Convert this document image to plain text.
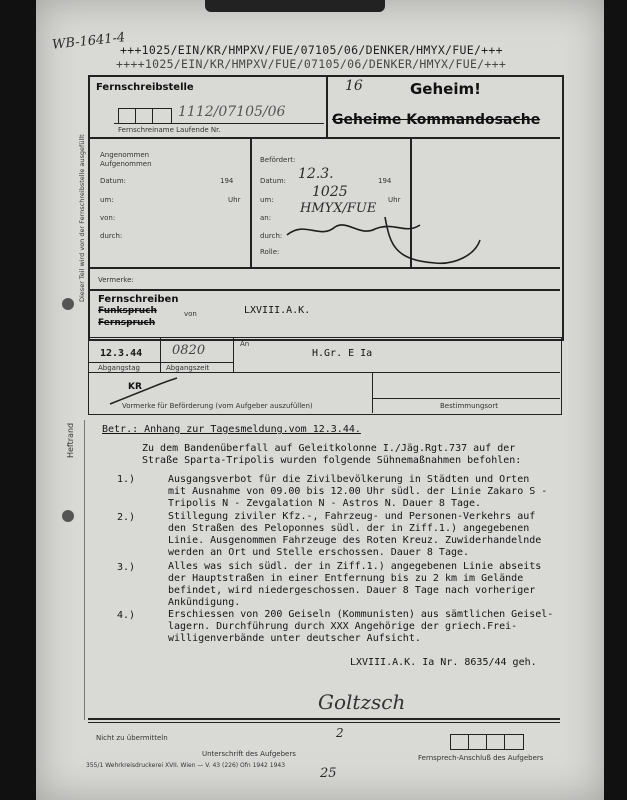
WB-1641-4
+++1025/EIN/KR/HMPXV/FUE/07105/06/DENKER/HMYX/FUE/+++
++++1025/EIN/KR/HMPXV/FUE/07105/06/DENKER/HMYX/FUE/+++
Dieser Teil wird von der Fernschreibstelle ausgefüllt
Fernschreibstelle
1112/07105/06
Fernschreiname Laufende Nr.
16	Geheim!
Geheime Kommandosache
Angenommen
Aufgenommen
Datum:	194
um:	Uhr
von:
durch:
Befördert:
Datum: 12.3.	194
um:	1025	Uhr
an:
HMYX/FUE
durch:
Rolle:
Vermerke:
Fernschreiben
Funkspruch
Fernspruch
von	LXVIII.A.K.
12.3.44
Abgangstag
0820
Abgangszeit
An
H.Gr. E Ia
KR
Vormerke für Beförderung (vom Aufgeber auszufüllen)	Bestimmungsort
Heftrand	Betr.: Anhang zur Tagesmeldung.vom 12.3.44.
Zu dem Bandenüberfall auf Geleitkolonne I./Jäg.Rgt.737 auf der
Straße Sparta-Tripolis wurden folgende Sühnemaßnahmen befohlen:
1.)	Ausgangsverbot für die Zivilbevölkerung in Städten und Orten
mit Ausnahme von 09.00 bis 12.00 Uhr südl. der Linie Zakaro S -
Tripolis N - Zevgalation N - Astros N. Dauer 8 Tage.
2.)	Stillegung ziviler Kfz.-, Fahrzeug- und Personen-Verkehrs auf
den Straßen des Peloponnes südl. der in Ziff.1.) angegebenen
Linie. Ausgenommen Fahrzeuge des Roten Kreuz. Zuwiderhandelnde
werden an Ort und Stelle erschossen. Dauer 8 Tage.
3.)	Alles was sich südl. der in Ziff.1.) angegebenen Linie abseits
der Hauptstraßen in einer Entfernung bis zu 2 km im Gelände
befindet, wird niedergeschossen. Dauer 8 Tage nach vorheriger
Ankündigung.
4.)	Erschiessen von 200 Geiseln (Kommunisten) aus sämtlichen Geisel-
lagern. Durchführung durch XXX Angehörige der griech.Frei-
willigenverbände unter deutscher Aufsicht.
LXVIII.A.K. Ia Nr. 8635/44 geh.
Goltzsch
Nicht zu übermitteln	2
Unterschrift des Aufgebers	Fernsprech-Anschluß des Aufgebers
355/1 Wehrkreisdruckerei XVII. Wien — V. 43 (226) Ofn 1942 1943
25
